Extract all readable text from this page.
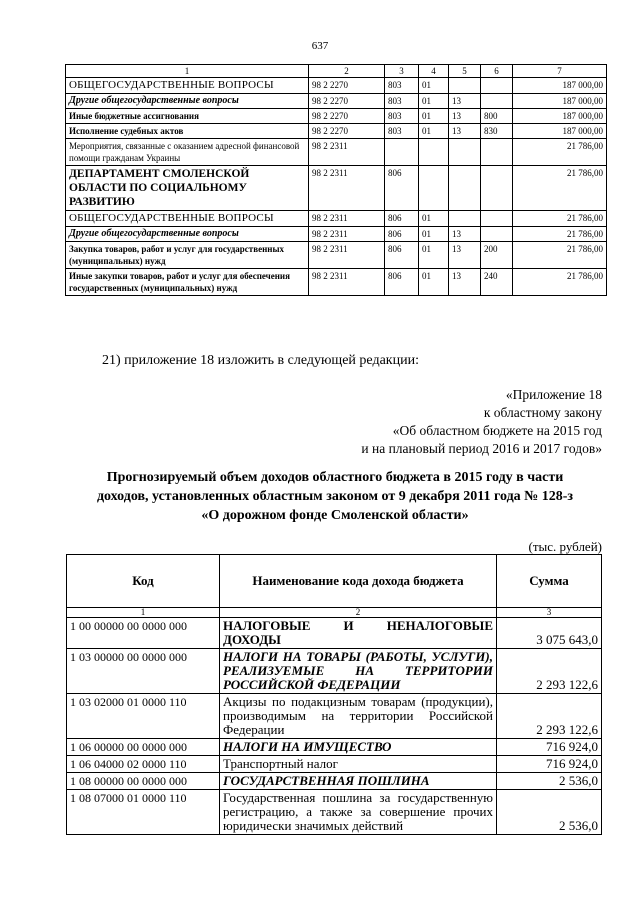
637
1	2	3	4	5	6	7
ОБЩЕГОСУДАРСТВЕННЫЕ ВОПРОСЫ	98 2 2270	803	01			187 000,00
Другие общегосударственные вопросы	98 2 2270	803	01	13		187 000,00
Иные бюджетные ассигнования	98 2 2270	803	01	13	800	187 000,00
Исполнение судебных актов	98 2 2270	803	01	13	830	187 000,00
Мероприятия, связанные с оказанием адресной финансовой помощи гражданам Украины	98 2 2311					21 786,00
ДЕПАРТАМЕНТ СМОЛЕНСКОЙ ОБЛАСТИ ПО СОЦИАЛЬНОМУ РАЗВИТИЮ	98 2 2311	806				21 786,00
ОБЩЕГОСУДАРСТВЕННЫЕ ВОПРОСЫ	98 2 2311	806	01			21 786,00
Другие общегосударственные вопросы	98 2 2311	806	01	13		21 786,00
Закупка товаров, работ и услуг для государственных (муниципальных) нужд	98 2 2311	806	01	13	200	21 786,00
Иные закупки товаров, работ и услуг для обеспечения государственных (муниципальных) нужд	98 2 2311	806	01	13	240	21 786,00
21) приложение 18 изложить в следующей редакции:
«Приложение 18
к областному закону
«Об областном бюджете на 2015 год
и на плановый период 2016 и 2017 годов»
Прогнозируемый объем доходов областного бюджета в 2015 году в части
доходов, установленных областным законом от 9 декабря 2011 года № 128-з
«О дорожном фонде Смоленской области»
(тыс. рублей)
Код	Наименование кода дохода бюджета	Сумма
1	2	3
1 00 00000 00 0000 000	НАЛОГОВЫЕ И НЕНАЛОГОВЫЕ ДОХОДЫ	3 075 643,0
1 03 00000 00 0000 000	НАЛОГИ НА ТОВАРЫ (РАБОТЫ, УСЛУГИ), РЕАЛИЗУЕМЫЕ НА ТЕРРИТОРИИ РОССИЙСКОЙ ФЕДЕРАЦИИ	2 293 122,6
1 03 02000 01 0000 110	Акцизы по подакцизным товарам (продукции), производимым на территории Российской Федерации	2 293 122,6
1 06 00000 00 0000 000	НАЛОГИ НА ИМУЩЕСТВО	716 924,0
1 06 04000 02 0000 110	Транспортный налог	716 924,0
1 08 00000 00 0000 000	ГОСУДАРСТВЕННАЯ ПОШЛИНА	2 536,0
1 08 07000 01 0000 110	Государственная пошлина за государственную регистрацию, а также за совершение прочих юридически значимых действий	2 536,0
